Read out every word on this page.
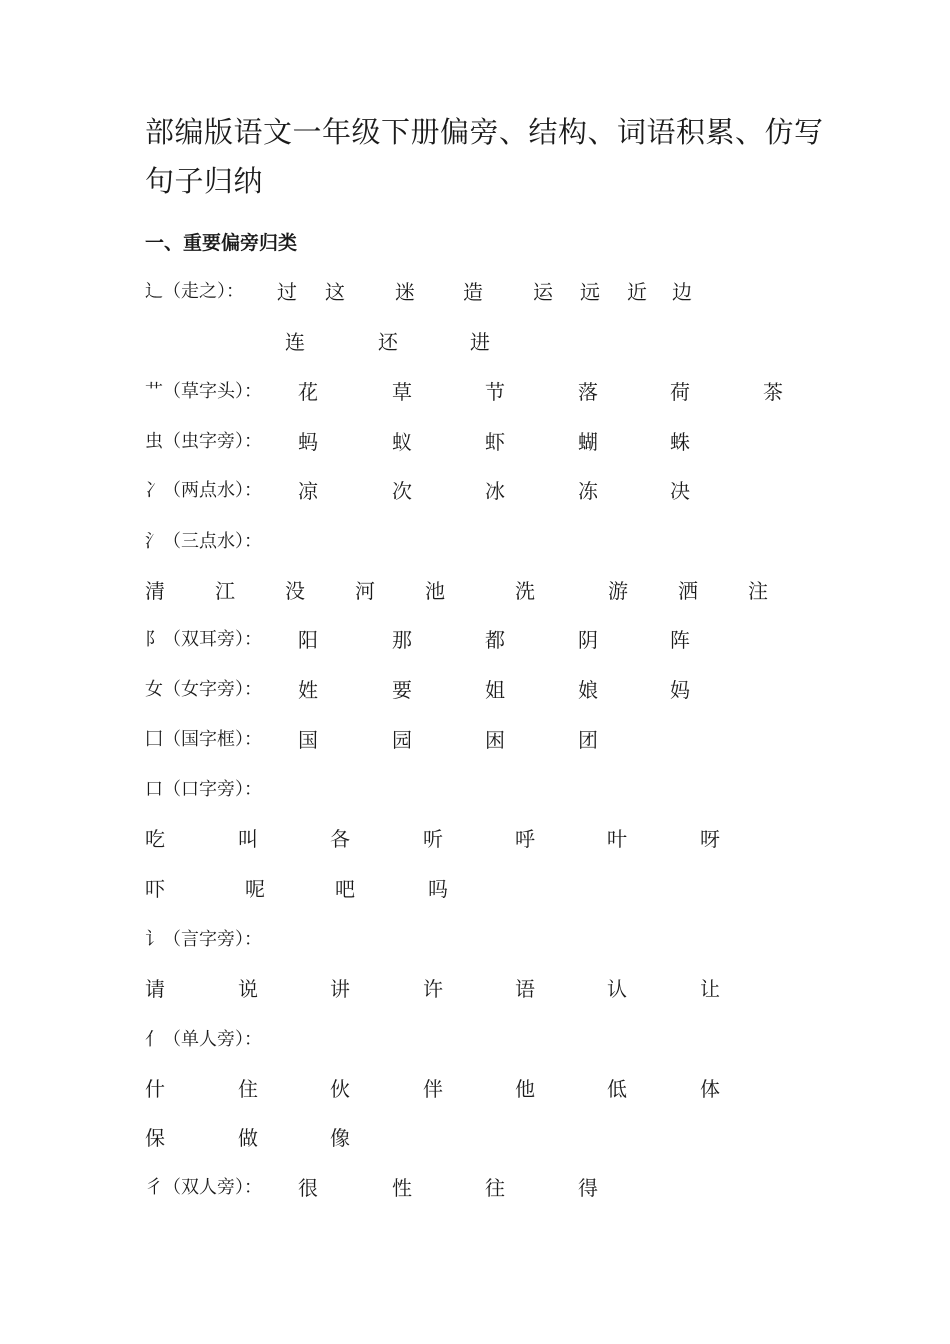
部编版语文一年级下册偏旁、结构、词语积累、仿写句子归纳
一、重要偏旁归类
辶（走之）： 过 这	迷 造	运 远 近 边
连	还	进
艹（草字头）： 花	草	节	落	荷	茶
虫（虫字旁）： 蚂	蚁	虾	蝴	蛛
冫（两点水）： 凉	次	冰	冻	决
氵（三点水）：
清	江	没	河	池	洗	游	洒	注
阝（双耳旁）： 阳	那	都	阴	阵
女（女字旁）： 姓	要	姐	娘	妈
囗（国字框）： 国	园	困	团
口（口字旁）：
吃	叫	各	听	呼	叶	呀
吓	呢	吧	吗
讠（言字旁）：
请	说	讲	许	语	认	让
亻（单人旁）：
什	住	伙	伴	他	低	体
保	做	像
彳（双人旁）： 很	性	往	得
